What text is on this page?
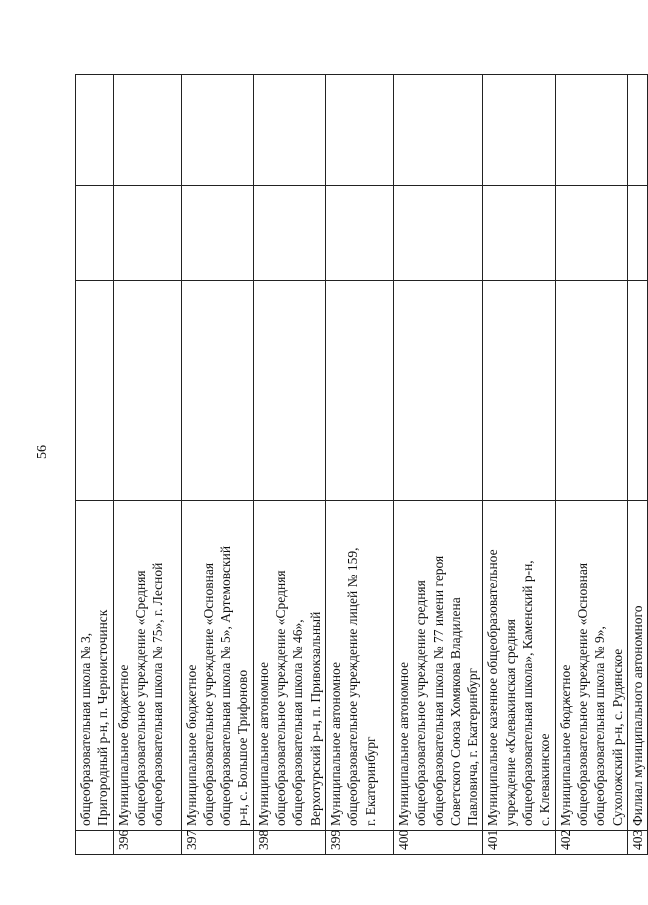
56
	общеобразовательная школа № 3,
Пригородный р-н, п. Черноисточинск			
396	Муниципальное бюджетное
общеобразовательное учреждение «Средняя
общеобразовательная школа № 75», г. Лесной			
397	Муниципальное бюджетное
общеобразовательное учреждение «Основная
общеобразовательная школа № 5», Артемовский
р-н, с. Большое Трифоново			
398	Муниципальное автономное
общеобразовательное учреждение «Средняя
общеобразовательная школа № 46»,
Верхотурский р-н, п. Привокзальный			
399	Муниципальное автономное
общеобразовательное учреждение лицей № 159,
г. Екатеринбург			
400	Муниципальное автономное
общеобразовательное учреждение средняя
общеобразовательная школа № 77 имени героя
Советского Союза Хомякова Владилена
Павловича, г. Екатеринбург			
401	Муниципальное казенное общеобразовательное
учреждение «Клевакинская средняя
общеобразовательная школа», Каменский р-н,
с. Клевакинское			
402	Муниципальное бюджетное
общеобразовательное учреждение «Основная
общеобразовательная школа № 9»,
Сухоложский р-н, с. Рудянское			
403	Филиал муниципального автономного			
